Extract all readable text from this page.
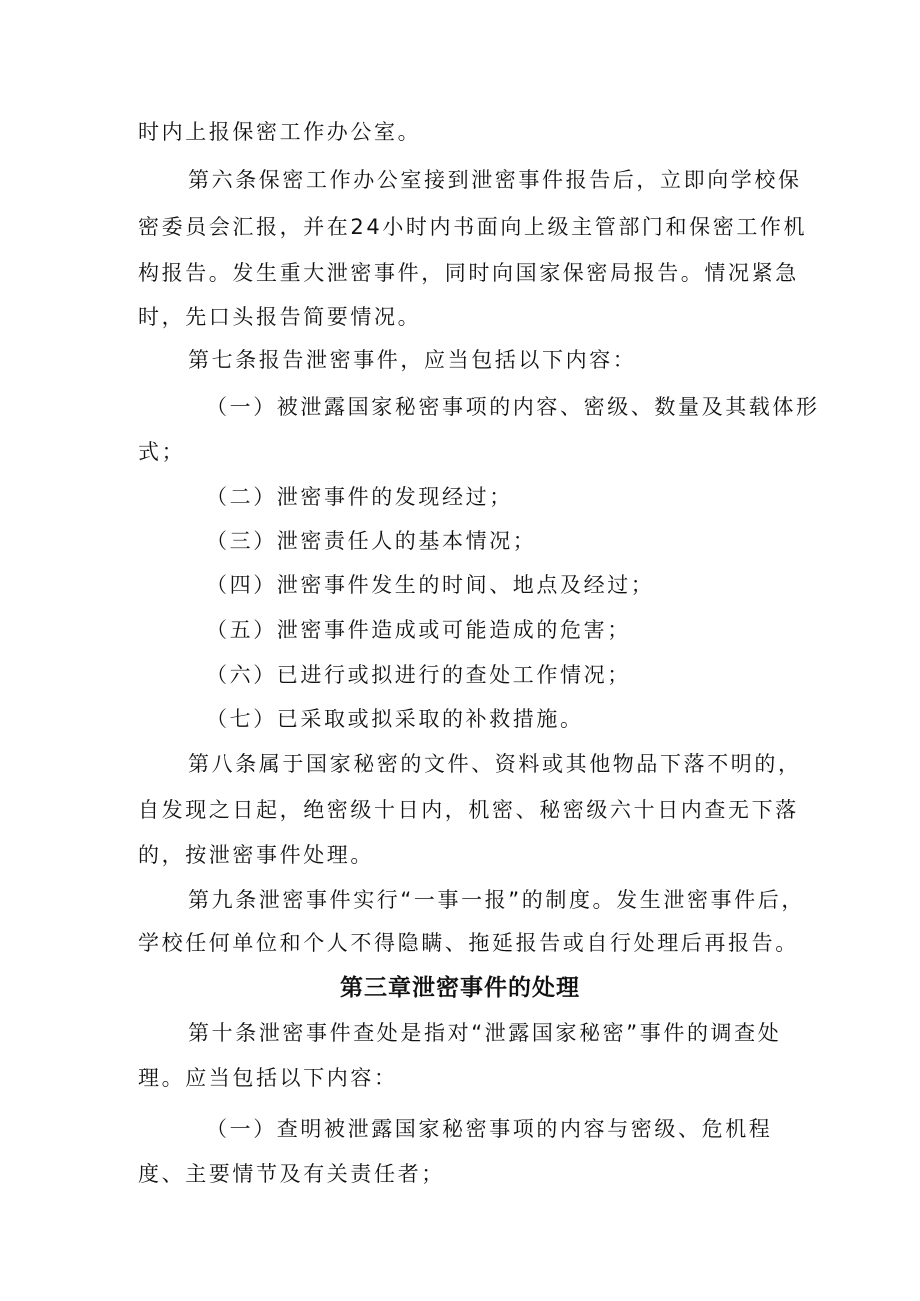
时内上报保密工作办公室。
第六条保密工作办公室接到泄密事件报告后，立即向学校保
密委员会汇报，并在24小时内书面向上级主管部门和保密工作机
构报告。发生重大泄密事件，同时向国家保密局报告。情况紧急
时，先口头报告简要情况。
第七条报告泄密事件，应当包括以下内容：
（一）被泄露国家秘密事项的内容、密级、数量及其载体形
式；
（二）泄密事件的发现经过；
（三）泄密责任人的基本情况；
（四）泄密事件发生的时间、地点及经过；
（五）泄密事件造成或可能造成的危害；
（六）已进行或拟进行的查处工作情况；
（七）已采取或拟采取的补救措施。
第八条属于国家秘密的文件、资料或其他物品下落不明的，
自发现之日起，绝密级十日内，机密、秘密级六十日内查无下落
的，按泄密事件处理。
第九条泄密事件实行“一事一报”的制度。发生泄密事件后，
学校任何单位和个人不得隐瞒、拖延报告或自行处理后再报告。
第三章泄密事件的处理
第十条泄密事件查处是指对“泄露国家秘密”事件的调查处
理。应当包括以下内容：
（一）查明被泄露国家秘密事项的内容与密级、危机程
度、主要情节及有关责任者；
